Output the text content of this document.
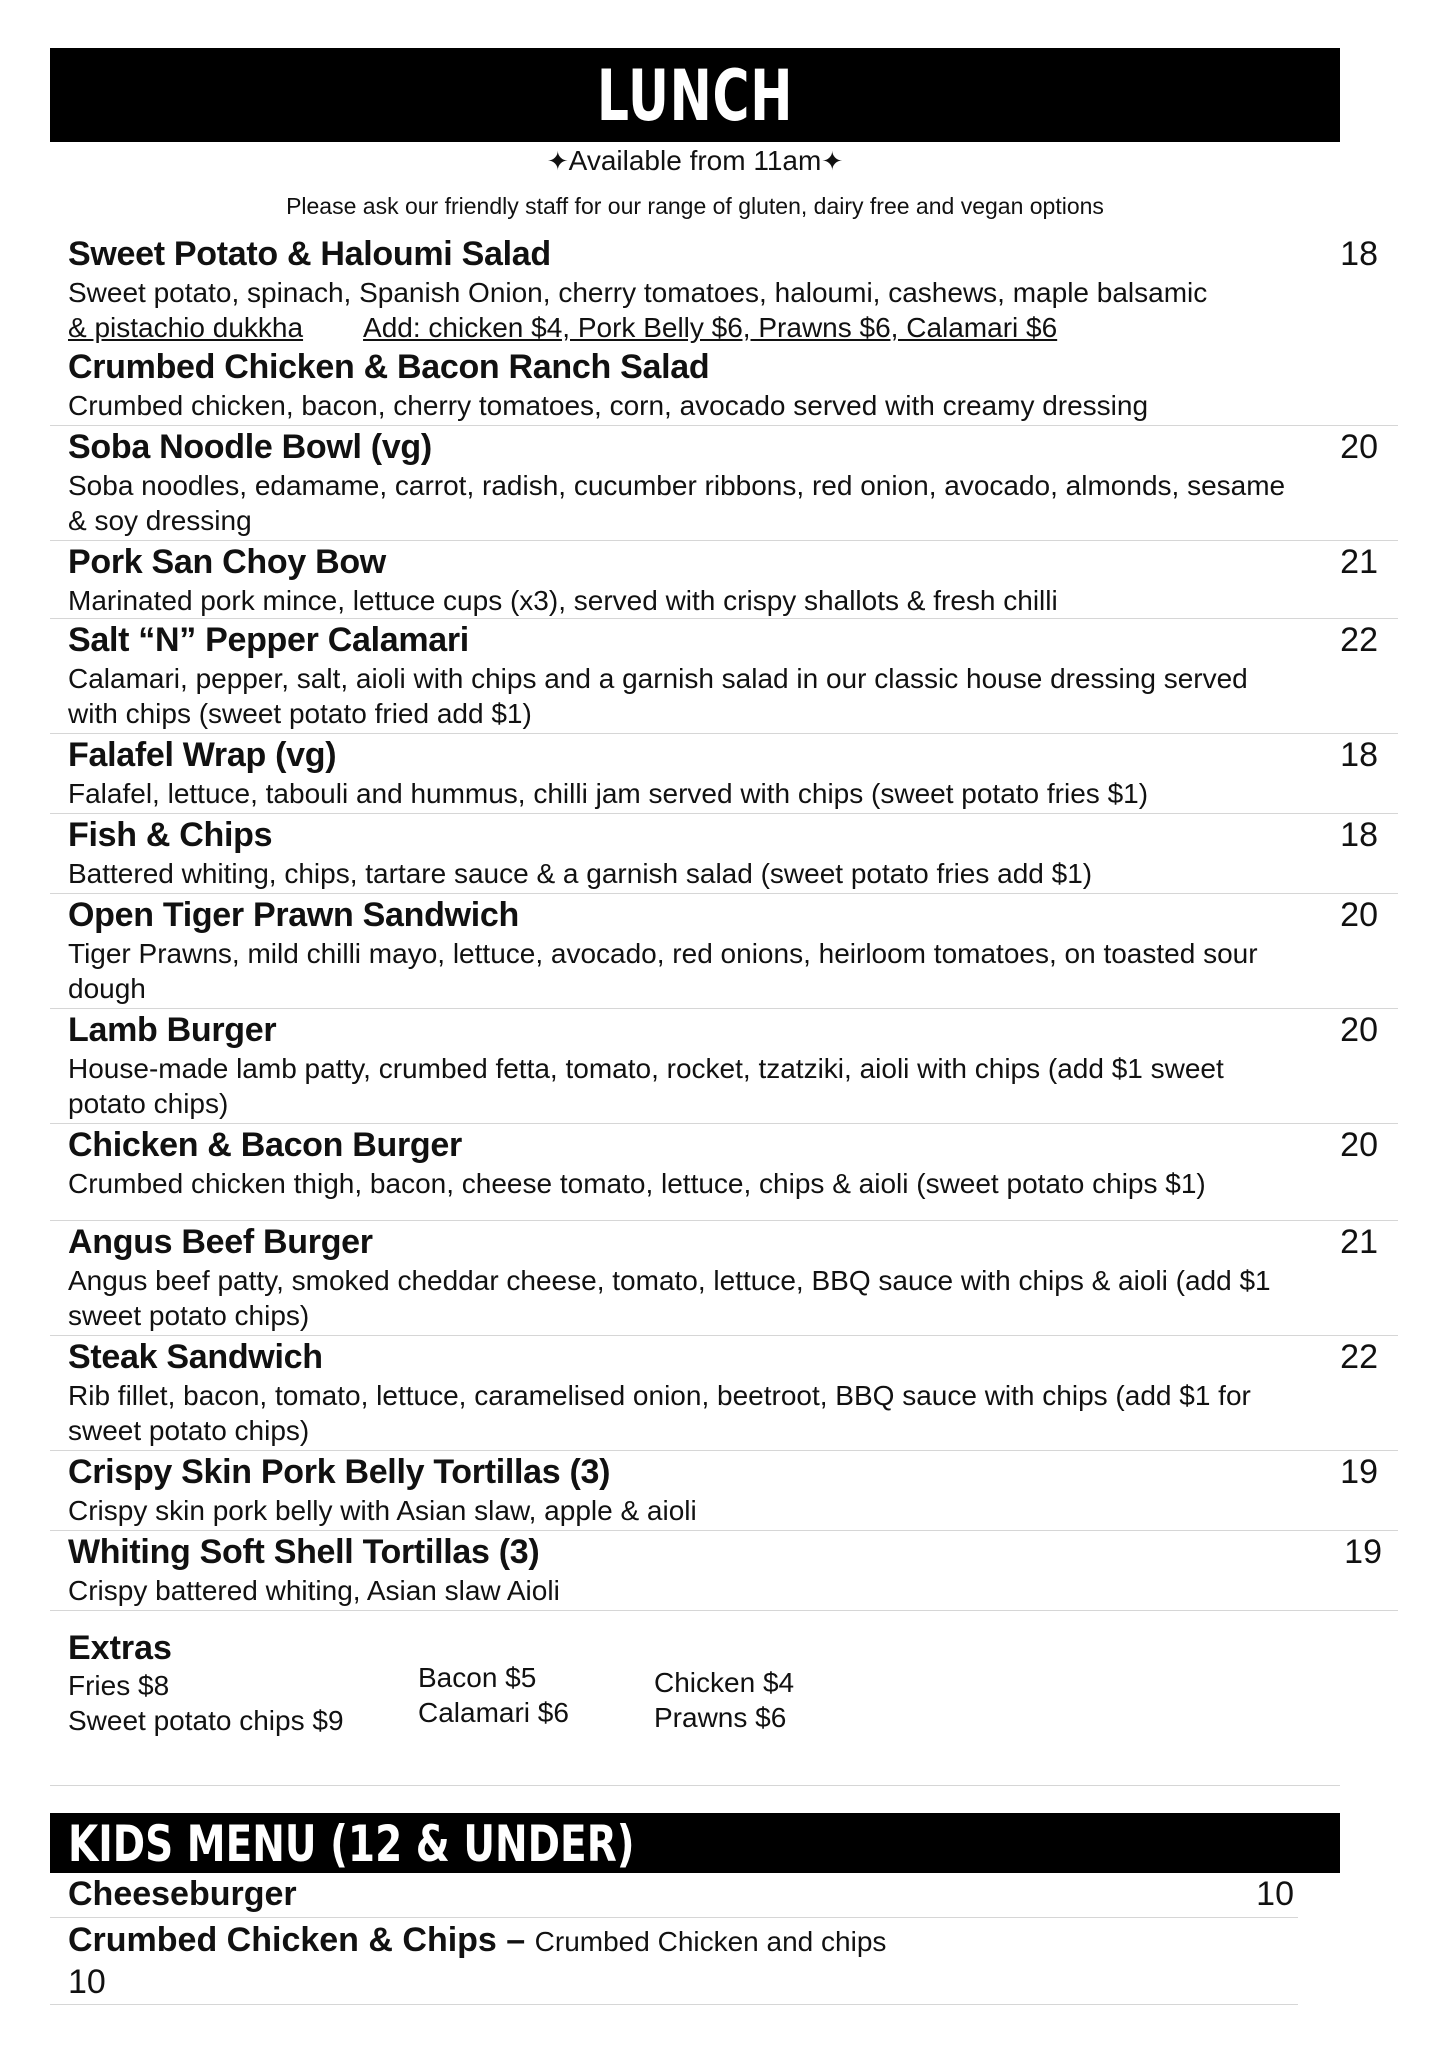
LUNCH
✦Available from 11am✦
Please ask our friendly staff for our range of gluten, dairy free and vegan options
Sweet Potato & Haloumi Salad	18
Sweet potato, spinach, Spanish Onion, cherry tomatoes, haloumi, cashews, maple balsamic
& pistachio dukkha Add: chicken $4, Pork Belly $6, Prawns $6, Calamari $6
Crumbed Chicken & Bacon Ranch Salad
Crumbed chicken, bacon, cherry tomatoes, corn, avocado served with creamy dressing
Soba Noodle Bowl (vg)	20
Soba noodles, edamame, carrot, radish, cucumber ribbons, red onion, avocado, almonds, sesame & soy dressing
Pork San Choy Bow	21
Marinated pork mince, lettuce cups (x3), served with crispy shallots & fresh chilli
Salt “N” Pepper Calamari	22
Calamari, pepper, salt, aioli with chips and a garnish salad in our classic house dressing served with chips (sweet potato fried add $1)
Falafel Wrap (vg)	18
Falafel, lettuce, tabouli and hummus, chilli jam served with chips (sweet potato fries $1)
Fish & Chips	18
Battered whiting, chips, tartare sauce & a garnish salad (sweet potato fries add $1)
Open Tiger Prawn Sandwich	20
Tiger Prawns, mild chilli mayo, lettuce, avocado, red onions, heirloom tomatoes, on toasted sour dough
Lamb Burger	20
House-made lamb patty, crumbed fetta, tomato, rocket, tzatziki, aioli with chips (add $1 sweet potato chips)
Chicken & Bacon Burger	20
Crumbed chicken thigh, bacon, cheese tomato, lettuce, chips & aioli (sweet potato chips $1)
Angus Beef Burger	21
Angus beef patty, smoked cheddar cheese, tomato, lettuce, BBQ sauce with chips & aioli (add $1 sweet potato chips)
Steak Sandwich	22
Rib fillet, bacon, tomato, lettuce, caramelised onion, beetroot, BBQ sauce with chips (add $1 for sweet potato chips)
Crispy Skin Pork Belly Tortillas (3)	19
Crispy skin pork belly with Asian slaw, apple & aioli
Whiting Soft Shell Tortillas (3)	19
Crispy battered whiting, Asian slaw Aioli
Extras
Fries $8
Sweet potato chips $9
Bacon $5
Calamari $6
Chicken $4
Prawns $6
KIDS MENU (12 & UNDER)
Cheeseburger	10
Crumbed Chicken & Chips – Crumbed Chicken and chips
10
